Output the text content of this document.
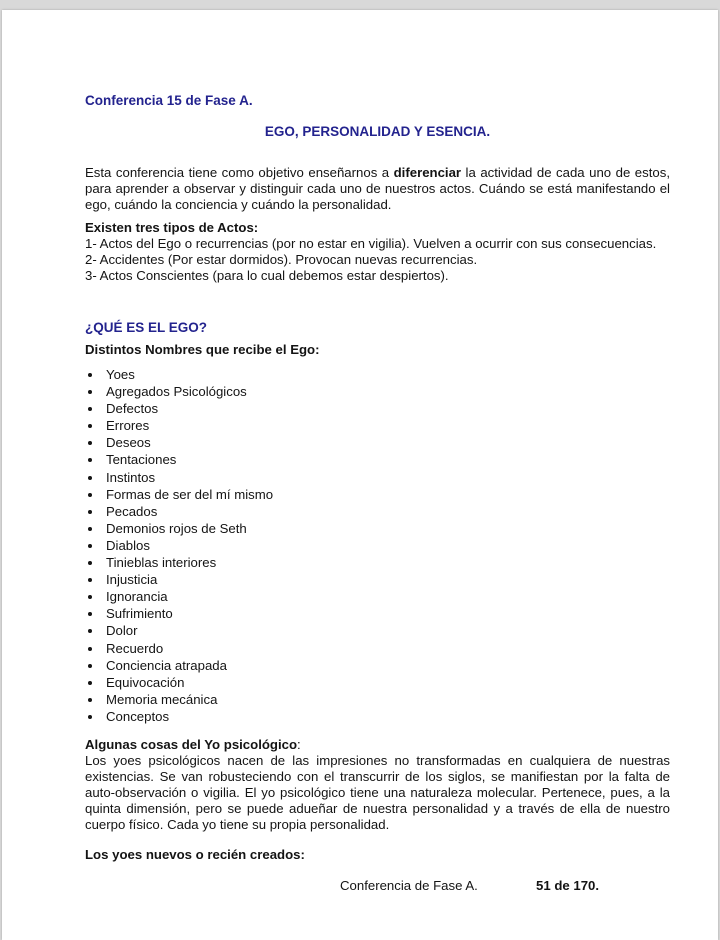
Conferencia 15 de Fase A.
EGO, PERSONALIDAD Y ESENCIA.
Esta conferencia tiene como objetivo enseñarnos a diferenciar la actividad de cada uno de estos, para aprender a observar y distinguir cada uno de nuestros actos. Cuándo se está manifestando el ego, cuándo la conciencia y cuándo la personalidad.

Existen tres tipos de Actos:

1- Actos del Ego o recurrencias (por no estar en vigilia). Vuelven a ocurrir con sus consecuencias.

2- Accidentes (Por estar dormidos). Provocan nuevas recurrencias.

3- Actos Conscientes (para lo cual debemos estar despiertos).

¿QUÉ ES EL EGO?
Distintos Nombres que recibe el Ego:
Yoes
Agregados Psicológicos
Defectos
Errores
Deseos
Tentaciones
Instintos
Formas de ser del mí mismo
Pecados
Demonios rojos de Seth
Diablos
Tinieblas interiores
Injusticia
Ignorancia
Sufrimiento
Dolor
Recuerdo
Conciencia atrapada
Equivocación
Memoria mecánica
Conceptos

Algunas cosas del Yo psicológico:

Los yoes psicológicos nacen de las impresiones no transformadas en cualquiera de nuestras existencias. Se van robusteciendo con el transcurrir de los siglos, se manifiestan por la falta de auto-observación o vigilia. El yo psicológico tiene una naturaleza molecular. Pertenece, pues, a la quinta dimensión, pero se puede adueñar de nuestra personalidad y a través de ella de nuestro cuerpo físico. Cada yo tiene su propia personalidad.

Los yoes nuevos o recién creados:
Conferencia de Fase A.	51 de 170.
